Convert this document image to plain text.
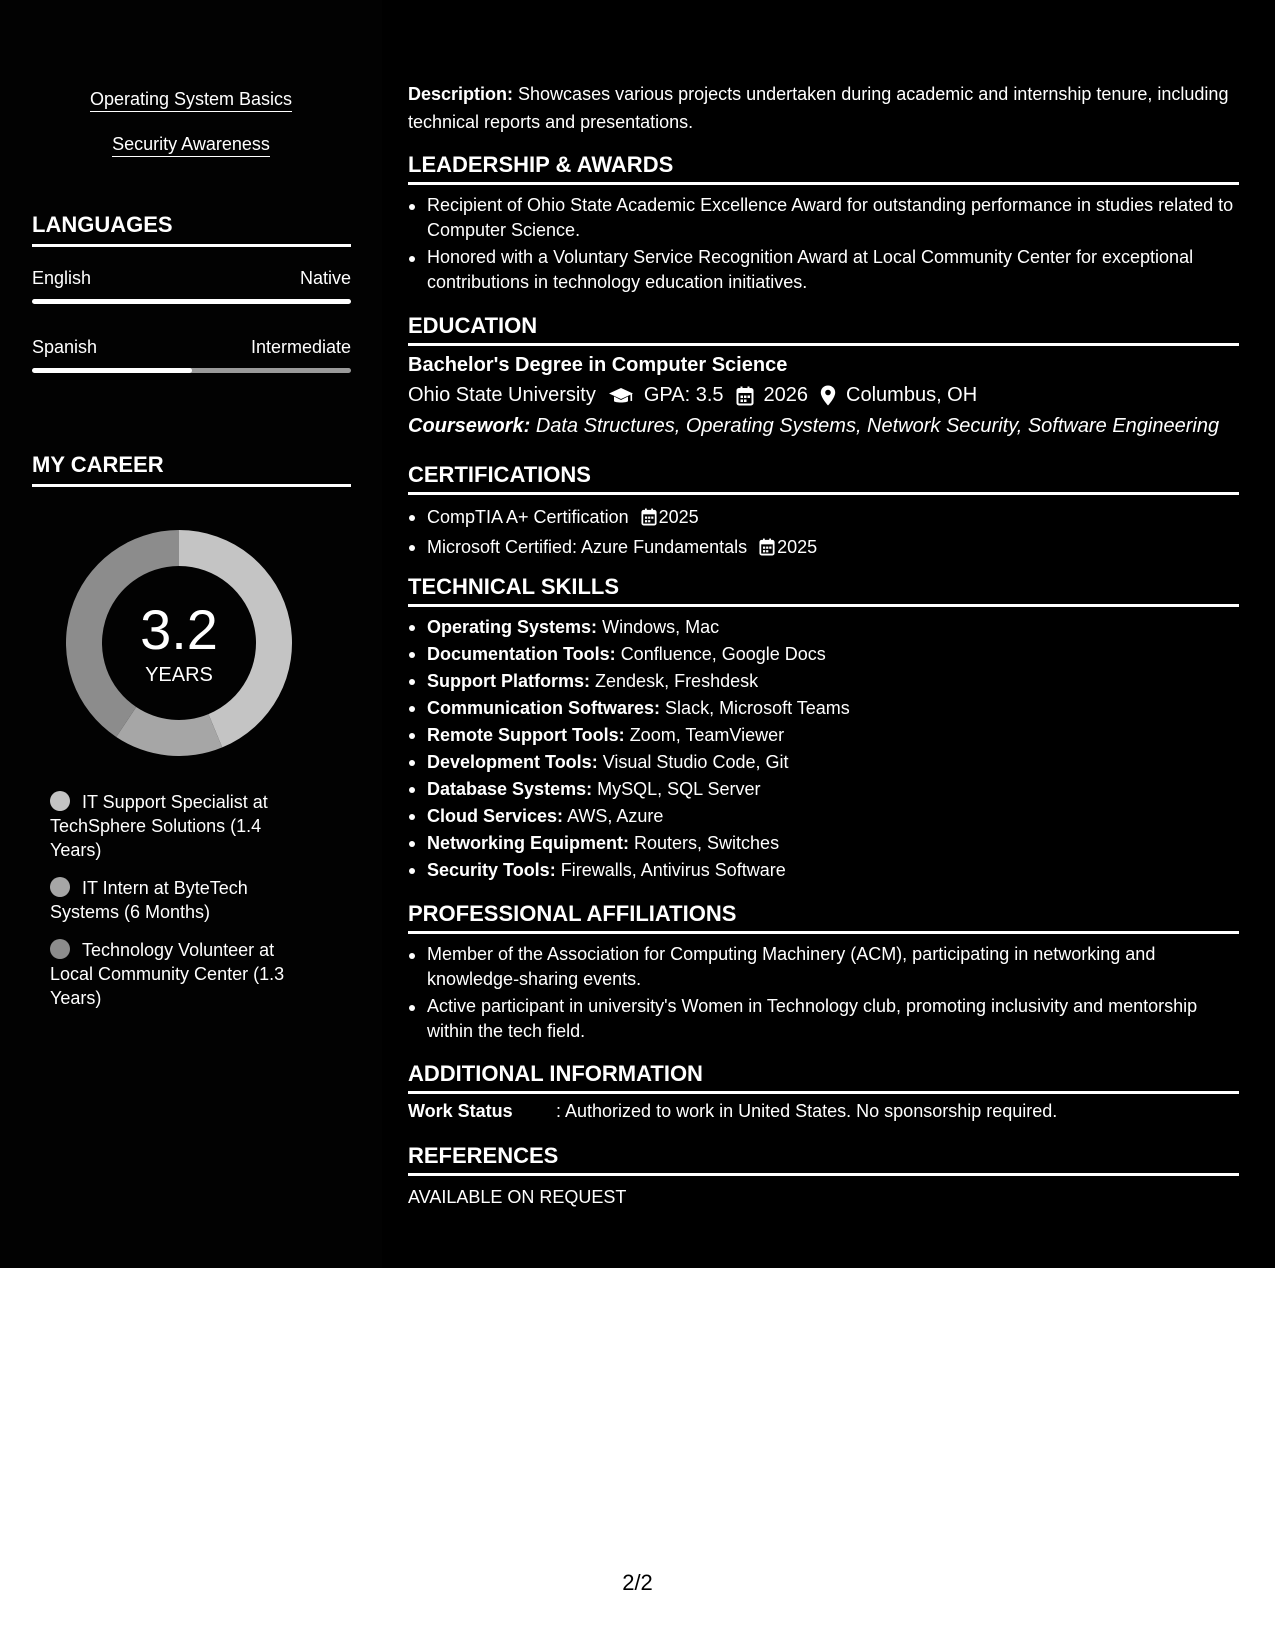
Operating System Basics
Security Awareness
LANGUAGES
English	Native
Spanish	Intermediate
MY CAREER
3.2
YEARS
IT Support Specialist at TechSphere Solutions (1.4 Years)
IT Intern at ByteTech Systems (6 Months)
Technology Volunteer at Local Community Center (1.3 Years)
Description: Showcases various projects undertaken during academic and internship tenure, including technical reports and presentations.
LEADERSHIP & AWARDS
Recipient of Ohio State Academic Excellence Award for outstanding performance in studies related to Computer Science.
Honored with a Voluntary Service Recognition Award at Local Community Center for exceptional contributions in technology education initiatives.
EDUCATION
Bachelor's Degree in Computer Science
Ohio State University GPA: 3.5 2026 Columbus, OH
Coursework: Data Structures, Operating Systems, Network Security, Software Engineering
CERTIFICATIONS
CompTIA A+ Certification 2025
Microsoft Certified: Azure Fundamentals 2025
TECHNICAL SKILLS
Operating Systems: Windows, Mac
Documentation Tools: Confluence, Google Docs
Support Platforms: Zendesk, Freshdesk
Communication Softwares: Slack, Microsoft Teams
Remote Support Tools: Zoom, TeamViewer
Development Tools: Visual Studio Code, Git
Database Systems: MySQL, SQL Server
Cloud Services: AWS, Azure
Networking Equipment: Routers, Switches
Security Tools: Firewalls, Antivirus Software
PROFESSIONAL AFFILIATIONS
Member of the Association for Computing Machinery (ACM), participating in networking and knowledge-sharing events.
Active participant in university's Women in Technology club, promoting inclusivity and mentorship within the tech field.
ADDITIONAL INFORMATION
Work Status : Authorized to work in United States. No sponsorship required.
REFERENCES
AVAILABLE ON REQUEST
2/2
